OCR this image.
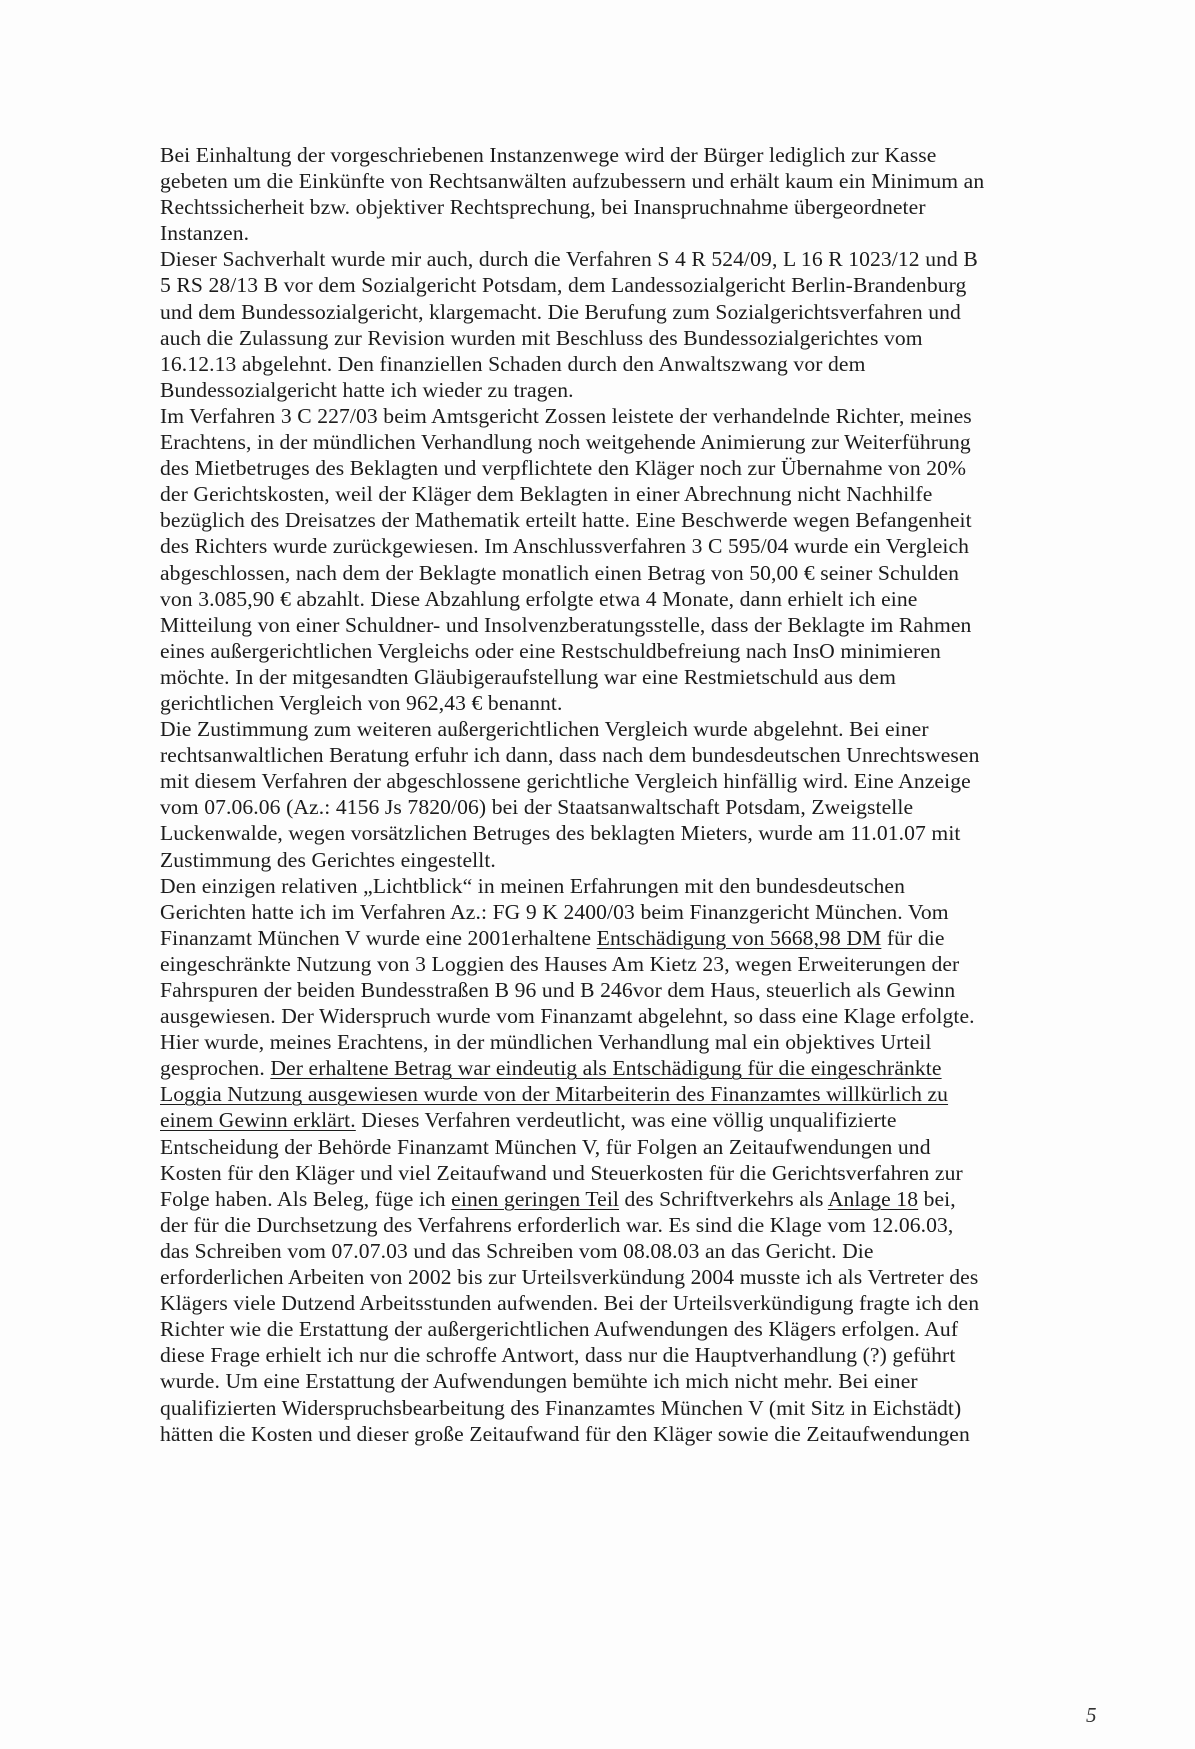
Bei Einhaltung der vorgeschriebenen Instanzenwege wird der Bürger lediglich zur Kasse
gebeten um die Einkünfte von Rechtsanwälten aufzubessern und erhält kaum ein Minimum an
Rechtssicherheit bzw. objektiver Rechtsprechung, bei Inanspruchnahme übergeordneter
Instanzen.
Dieser Sachverhalt wurde mir auch, durch die Verfahren S 4 R 524/09, L 16 R 1023/12 und B
5 RS 28/13 B vor dem Sozialgericht Potsdam, dem Landessozialgericht Berlin-Brandenburg
und dem Bundessozialgericht, klargemacht. Die Berufung zum Sozialgerichtsverfahren und
auch die Zulassung zur Revision wurden mit Beschluss des Bundessozialgerichtes vom
16.12.13 abgelehnt. Den finanziellen Schaden durch den Anwaltszwang vor dem
Bundessozialgericht hatte ich wieder zu tragen.
Im Verfahren 3 C 227/03 beim Amtsgericht Zossen leistete der verhandelnde Richter, meines
Erachtens, in der mündlichen Verhandlung noch weitgehende Animierung zur Weiterführung
des Mietbetruges des Beklagten und verpflichtete den Kläger noch zur Übernahme von 20%
der Gerichtskosten, weil der Kläger dem Beklagten in einer Abrechnung nicht Nachhilfe
bezüglich des Dreisatzes der Mathematik erteilt hatte. Eine Beschwerde wegen Befangenheit
des Richters wurde zurückgewiesen. Im Anschlussverfahren 3 C 595/04 wurde ein Vergleich
abgeschlossen, nach dem der Beklagte monatlich einen Betrag von 50,00 € seiner Schulden
von 3.085,90 € abzahlt. Diese Abzahlung erfolgte etwa 4 Monate, dann erhielt ich eine
Mitteilung von einer Schuldner- und Insolvenzberatungsstelle, dass der Beklagte im Rahmen
eines außergerichtlichen Vergleichs oder eine Restschuldbefreiung nach InsO minimieren
möchte. In der mitgesandten Gläubigeraufstellung war eine Restmietschuld aus dem
gerichtlichen Vergleich von 962,43 € benannt.
Die Zustimmung zum weiteren außergerichtlichen Vergleich wurde abgelehnt. Bei einer
rechtsanwaltlichen Beratung erfuhr ich dann, dass nach dem bundesdeutschen Unrechtswesen
mit diesem Verfahren der abgeschlossene gerichtliche Vergleich hinfällig wird. Eine Anzeige
vom 07.06.06 (Az.: 4156 Js 7820/06) bei der Staatsanwaltschaft Potsdam, Zweigstelle
Luckenwalde, wegen vorsätzlichen Betruges des beklagten Mieters, wurde am 11.01.07 mit
Zustimmung des Gerichtes eingestellt.
Den einzigen relativen „Lichtblick“ in meinen Erfahrungen mit den bundesdeutschen
Gerichten hatte ich im Verfahren Az.: FG 9 K 2400/03 beim Finanzgericht München. Vom
Finanzamt München V wurde eine 2001erhaltene Entschädigung von 5668,98 DM für die
eingeschränkte Nutzung von 3 Loggien des Hauses Am Kietz 23, wegen Erweiterungen der
Fahrspuren der beiden Bundesstraßen B 96 und B 246vor dem Haus, steuerlich als Gewinn
ausgewiesen. Der Widerspruch wurde vom Finanzamt abgelehnt, so dass eine Klage erfolgte.
Hier wurde, meines Erachtens, in der mündlichen Verhandlung mal ein objektives Urteil
gesprochen. Der erhaltene Betrag war eindeutig als Entschädigung für die eingeschränkte
Loggia Nutzung ausgewiesen wurde von der Mitarbeiterin des Finanzamtes willkürlich zu
einem Gewinn erklärt. Dieses Verfahren verdeutlicht, was eine völlig unqualifizierte
Entscheidung der Behörde Finanzamt München V, für Folgen an Zeitaufwendungen und
Kosten für den Kläger und viel Zeitaufwand und Steuerkosten für die Gerichtsverfahren zur
Folge haben. Als Beleg, füge ich einen geringen Teil des Schriftverkehrs als Anlage 18 bei,
der für die Durchsetzung des Verfahrens erforderlich war. Es sind die Klage vom 12.06.03,
das Schreiben vom 07.07.03 und das Schreiben vom 08.08.03 an das Gericht. Die
erforderlichen Arbeiten von 2002 bis zur Urteilsverkündung 2004 musste ich als Vertreter des
Klägers viele Dutzend Arbeitsstunden aufwenden. Bei der Urteilsverkündigung fragte ich den
Richter wie die Erstattung der außergerichtlichen Aufwendungen des Klägers erfolgen. Auf
diese Frage erhielt ich nur die schroffe Antwort, dass nur die Hauptverhandlung (?) geführt
wurde. Um eine Erstattung der Aufwendungen bemühte ich mich nicht mehr. Bei einer
qualifizierten Widerspruchsbearbeitung des Finanzamtes München V (mit Sitz in Eichstädt)
hätten die Kosten und dieser große Zeitaufwand für den Kläger sowie die Zeitaufwendungen
5
